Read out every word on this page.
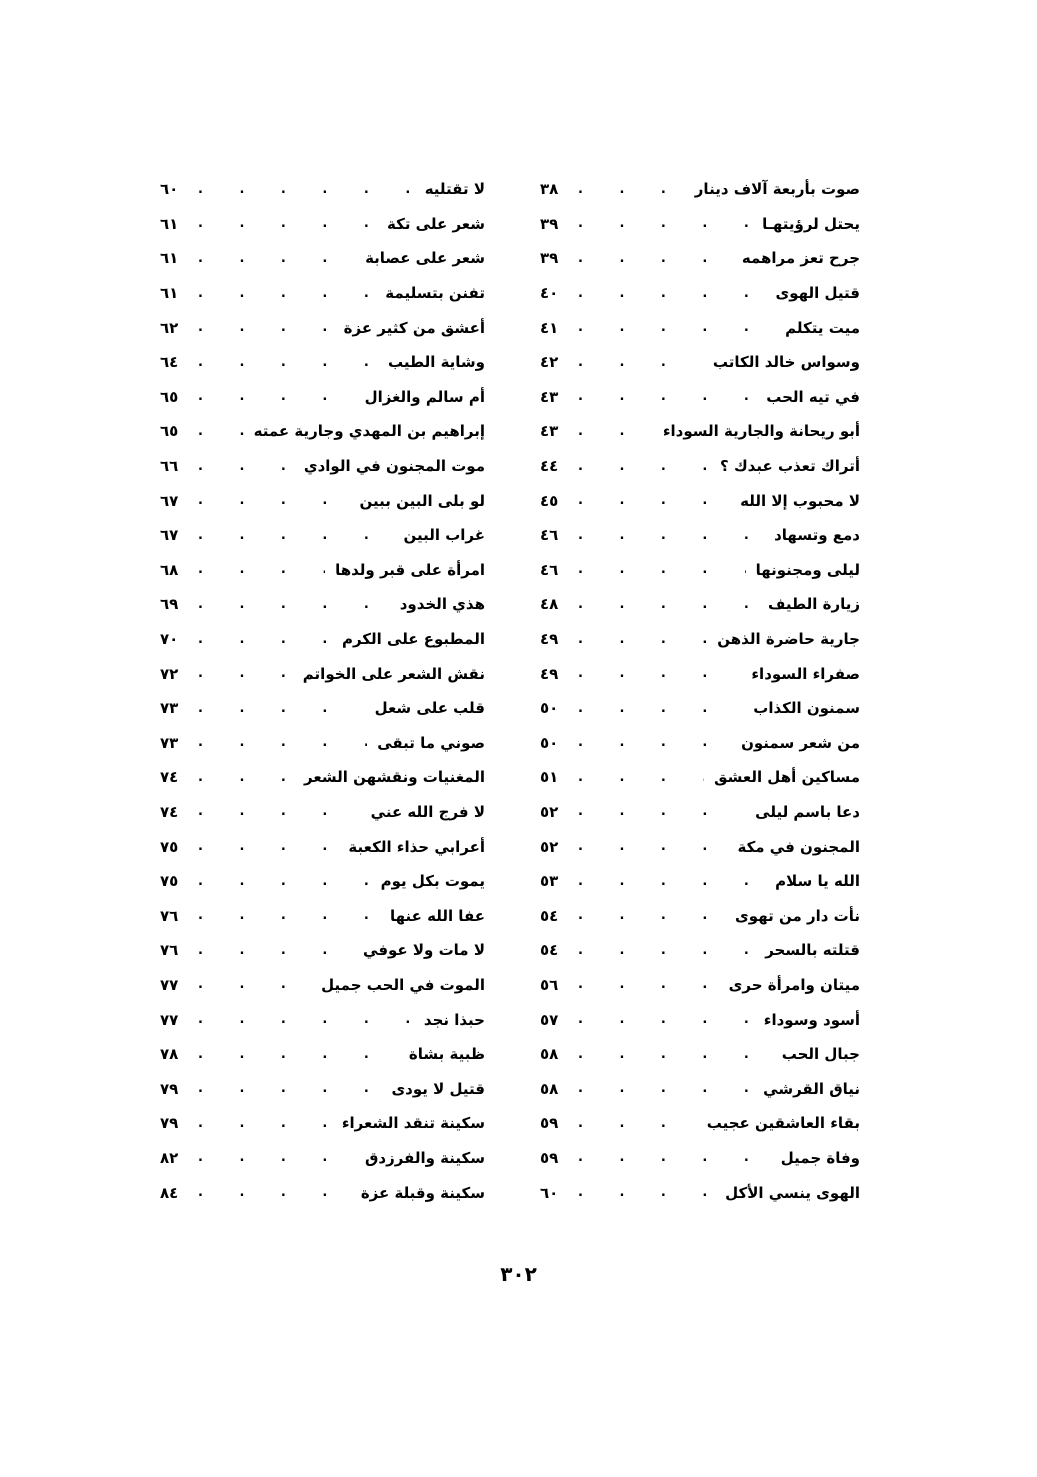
صوت بأربعة آلاف دينار
. . .
٣٨
يحتل لرؤيتهـا
. . .
٣٩
جرح تعز مراهمه
. . .
٣٩
قتيل الهوى
. . .
٤٠
ميت يتكلم
. . .
٤١
وسواس خالد الكاتب
. . .
٤٢
في تيه الحب
. . .
٤٣
أبو ريحانة والجارية السوداء
. . .
٤٣
أتراك تعذب عبدك ؟
. . .
٤٤
لا محبوب إلا الله
. . .
٤٥
دمع وتسهاد
. . .
٤٦
ليلى ومجنونها
. . .
٤٦
زيارة الطيف
. . .
٤٨
جارية حاضرة الذهن
. . .
٤٩
صفراء السوداء
. . .
٤٩
سمنون الكذاب
. . .
٥٠
من شعر سمنون
. . .
٥٠
مساكين أهل العشق
. . .
٥١
دعا باسم ليلى
. . .
٥٢
المجنون في مكة
. . .
٥٢
الله يا سلام
. . .
٥٣
نأت دار من تهوى
. . .
٥٤
قتلته بالسحر
. . .
٥٤
ميتان وامرأة حرى
. . .
٥٦
أسود وسوداء
. . .
٥٧
جبال الحب
. . .
٥٨
نياق القرشي
. . .
٥٨
بقاء العاشقين عجيب
. . .
٥٩
وفاة جميل
. . .
٥٩
الهوى ينسي الأكل
. . .
٦٠
لا تقتليه
. . .
٦٠
شعر على تكة
. . .
٦١
شعر على عصابة
. . .
٦١
تفنن بتسليمة
. . .
٦١
أعشق من كثير عزة
. . .
٦٢
وشاية الطيب
. . .
٦٤
أم سالم والغزال
. . .
٦٥
إبراهيم بن المهدي وجارية عمته
. . .
٦٥
موت المجنون في الوادي
. . .
٦٦
لو بلى البين ببين
. . .
٦٧
غراب البين
. . .
٦٧
امرأة على قبر ولدها
. . .
٦٨
هذي الخدود
. . .
٦٩
المطبوع على الكرم
. . .
٧٠
نقش الشعر على الخواتم
. . .
٧٢
قلب على شعل
. . .
٧٣
صوني ما تبقى
. . .
٧٣
المغنيات ونقشهن الشعر
. . .
٧٤
لا فرج الله عني
. . .
٧٤
أعرابي حذاء الكعبة
. . .
٧٥
يموت بكل يوم
. . .
٧٥
عفا الله عنها
. . .
٧٦
لا مات ولا عوفي
. . .
٧٦
الموت في الحب جميل
. . .
٧٧
حبذا نجد
. . .
٧٧
ظبية بشاة
. . .
٧٨
قتيل لا يودى
. . .
٧٩
سكينة تنقد الشعراء
. . .
٧٩
سكينة والفرزدق
. . .
٨٢
سكينة وقبلة عزة
. . .
٨٤
٣٠٢
